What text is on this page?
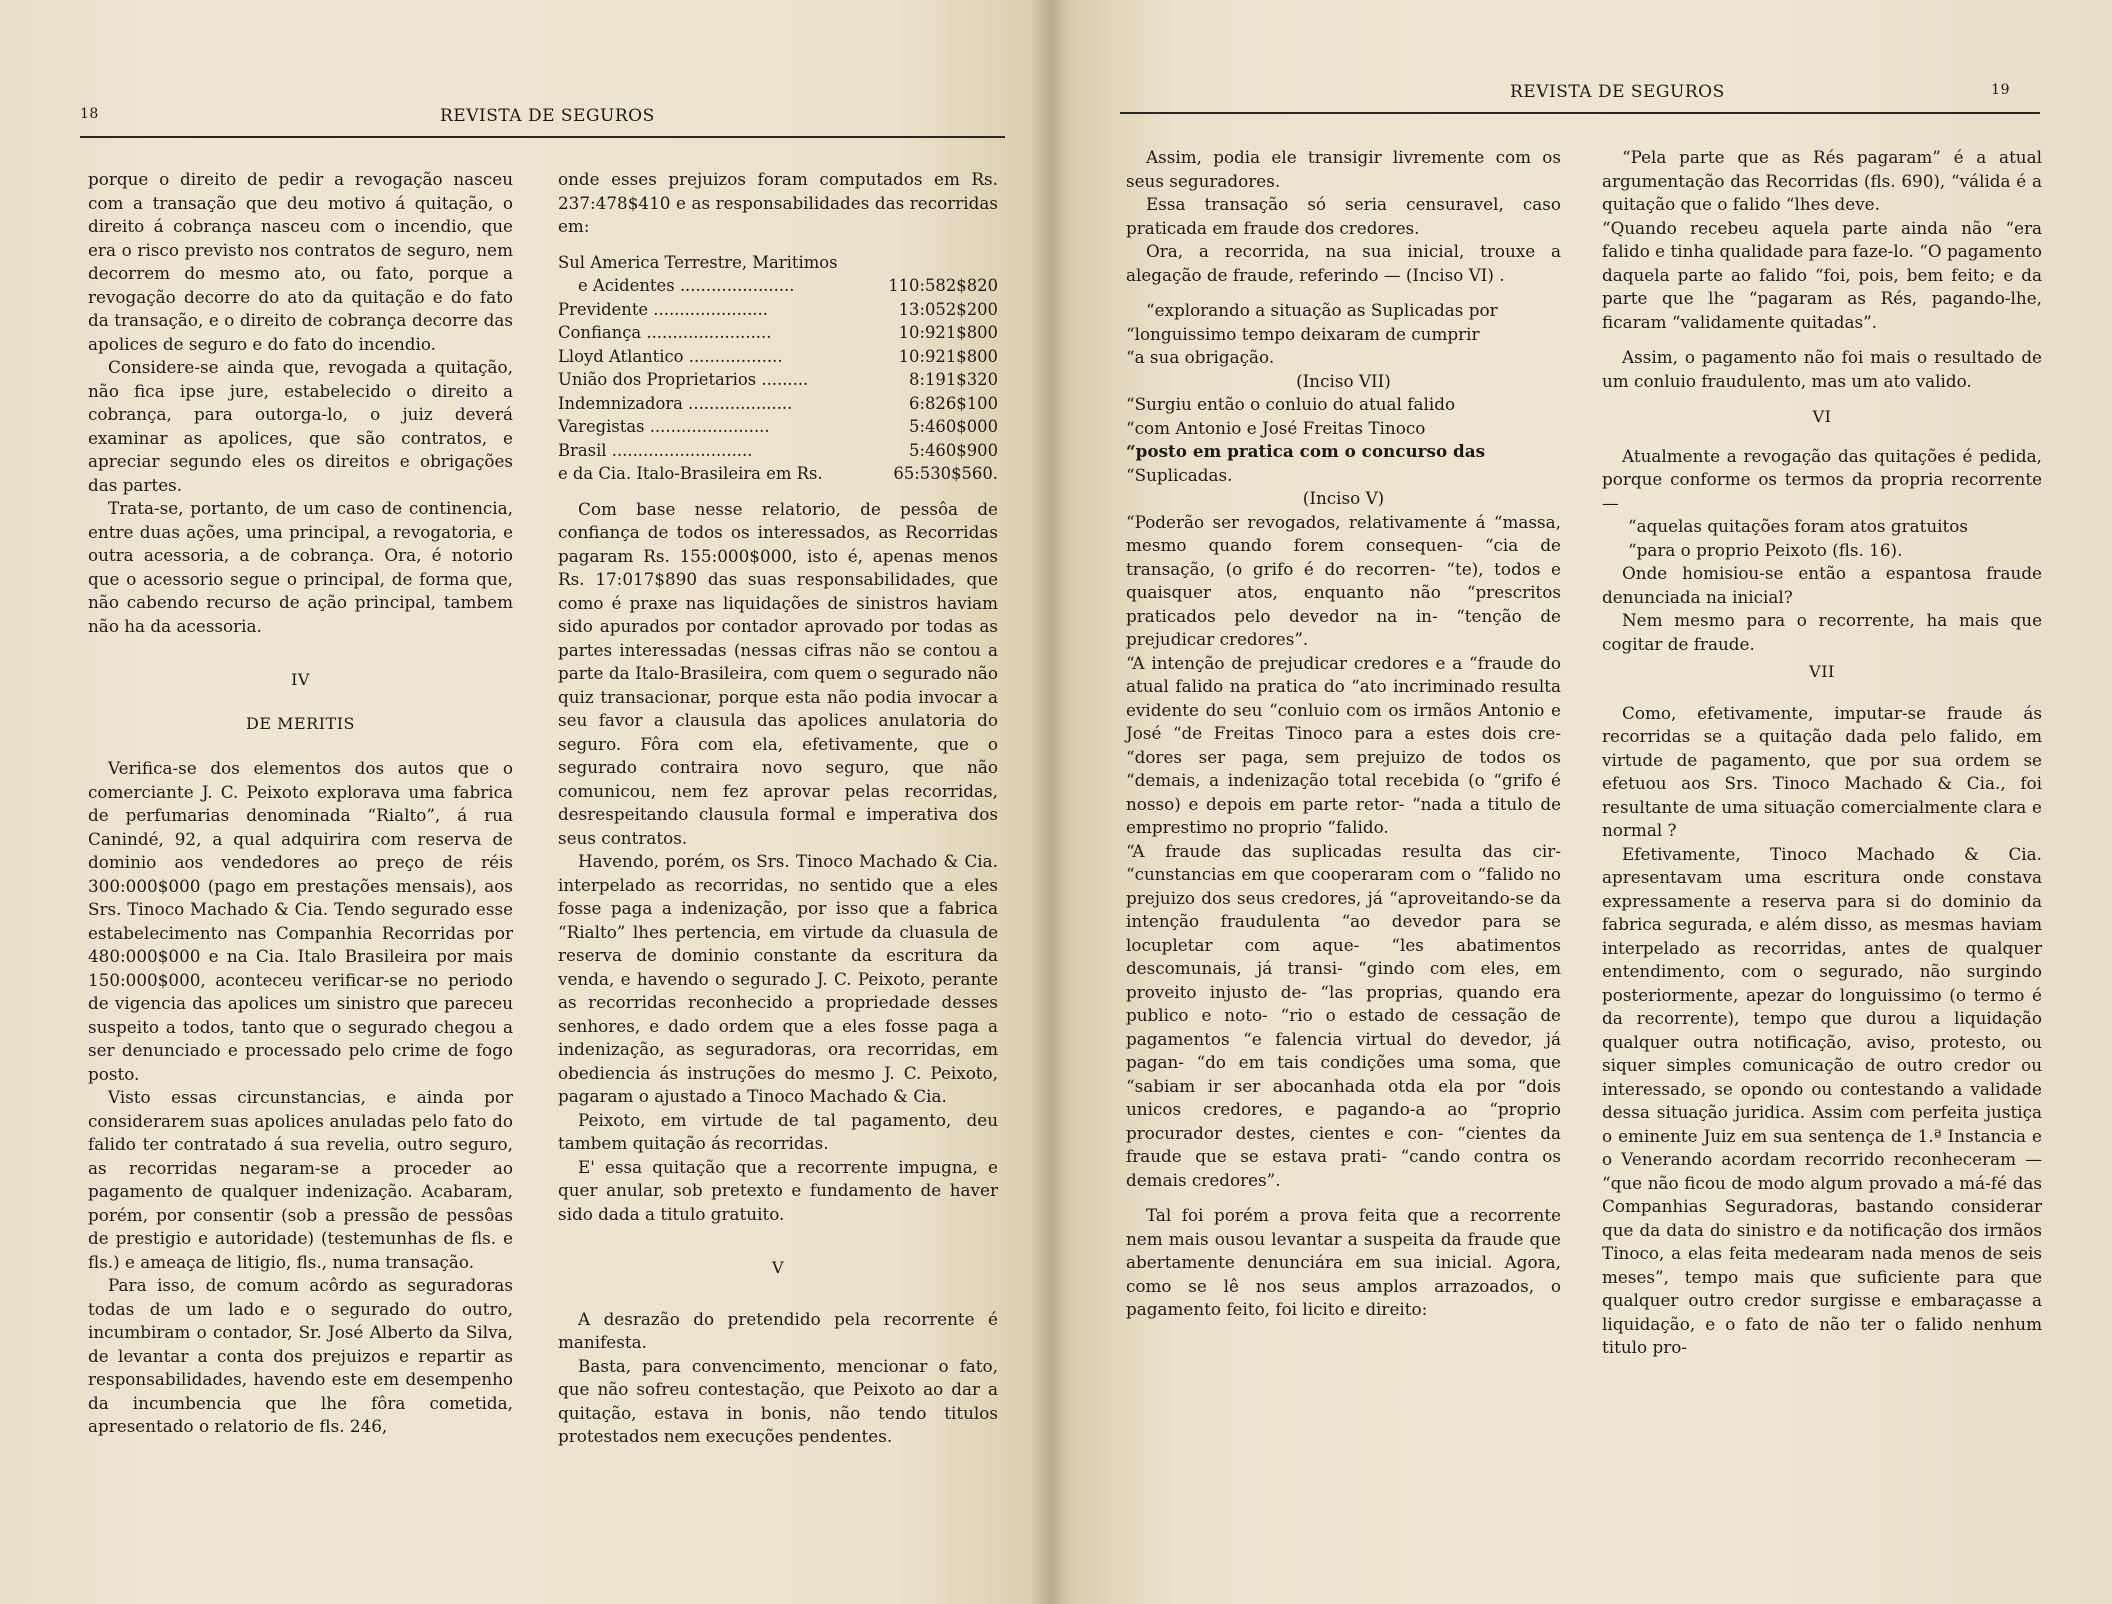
18	REVISTA DE SEGUROS

porque o direito de pedir a revogação nasceu com a transação que deu motivo á quitação, o direito á cobrança nasceu com o incendio, que era o risco previsto nos contratos de seguro, nem decorrem do mesmo ato, ou fato, porque a revogação decorre do ato da quitação e do fato da transação, e o direito de cobrança decorre das apolices de seguro e do fato do incendio.

Considere-se ainda que, revogada a quitação, não fica ipse jure, estabelecido o direito a cobrança, para outorga-lo, o juiz deverá examinar as apolices, que são contratos, e apreciar segundo eles os direitos e obrigações das partes.

Trata-se, portanto, de um caso de continencia, entre duas ações, uma principal, a revogatoria, e outra acessoria, a de cobrança. Ora, é notorio que o acessorio segue o principal, de forma que, não cabendo recurso de ação principal, tambem não ha da acessoria.

IV
DE MERITIS

Verifica-se dos elementos dos autos que o comerciante J. C. Peixoto explorava uma fabrica de perfumarias denominada “Rialto”, á rua Canindé, 92, a qual adquirira com reserva de dominio aos vendedores ao preço de réis 300:000$000 (pago em prestações mensais), aos Srs. Tinoco Machado & Cia. Tendo segurado esse estabelecimento nas Companhia Recorridas por 480:000$000 e na Cia. Italo Brasileira por mais 150:000$000, aconteceu verificar-se no periodo de vigencia das apolices um sinistro que pareceu suspeito a todos, tanto que o segurado chegou a ser denunciado e processado pelo crime de fogo posto.

Visto essas circunstancias, e ainda por considerarem suas apolices anuladas pelo fato do falido ter contratado á sua revelia, outro seguro, as recorridas negaram-se a proceder ao pagamento de qualquer indenização. Acabaram, porém, por consentir (sob a pressão de pessôas de prestigio e autoridade) (testemunhas de fls. e fls.) e ameaça de litigio, fls., numa transação.

Para isso, de comum acôrdo as seguradoras todas de um lado e o segurado do outro, incumbiram o contador, Sr. José Alberto da Silva, de levantar a conta dos prejuizos e repartir as responsabilidades, havendo este em desempenho da incumbencia que lhe fôra cometida, apresentado o relatorio de fls. 246,

onde esses prejuizos foram computados em Rs. 237:478$410 e as responsabilidades das recorridas em:

Sul America Terrestre, Maritimos	
e Acidentes ......................	110:582$820
Previdente ......................	13:052$200
Confiança ........................	10:921$800
Lloyd Atlantico ..................	10:921$800
União dos Proprietarios .........	8:191$320
Indemnizadora ....................	6:826$100
Varegistas .......................	5:460$000
Brasil ...........................	5:460$900
e da Cia. Italo-Brasileira em Rs.	65:530$560.

Com base nesse relatorio, de pessôa de confiança de todos os interessados, as Recorridas pagaram Rs. 155:000$000, isto é, apenas menos Rs. 17:017$890 das suas responsabilidades, que como é praxe nas liquidações de sinistros haviam sido apurados por contador aprovado por todas as partes interessadas (nessas cifras não se contou a parte da Italo-Brasileira, com quem o segurado não quiz transacionar, porque esta não podia invocar a seu favor a clausula das apolices anulatoria do seguro. Fôra com ela, efetivamente, que o segurado contraira novo seguro, que não comunicou, nem fez aprovar pelas recorridas, desrespeitando clausula formal e imperativa dos seus contratos.

Havendo, porém, os Srs. Tinoco Machado & Cia. interpelado as recorridas, no sentido que a eles fosse paga a indenização, por isso que a fabrica “Rialto” lhes pertencia, em virtude da cluasula de reserva de dominio constante da escritura da venda, e havendo o segurado J. C. Peixoto, perante as recorridas reconhecido a propriedade desses senhores, e dado ordem que a eles fosse paga a indenização, as seguradoras, ora recorridas, em obediencia ás instruções do mesmo J. C. Peixoto, pagaram o ajustado a Tinoco Machado & Cia.

Peixoto, em virtude de tal pagamento, deu tambem quitação ás recorridas.

E' essa quitação que a recorrente impugna, e quer anular, sob pretexto e fundamento de haver sido dada a titulo gratuito.

V

A desrazão do pretendido pela recorrente é manifesta.

Basta, para convencimento, mencionar o fato, que não sofreu contestação, que Peixoto ao dar a quitação, estava in bonis, não tendo titulos protestados nem execuções pendentes.

REVISTA DE SEGUROS	19

Assim, podia ele transigir livremente com os seus seguradores.

Essa transação só seria censuravel, caso praticada em fraude dos credores.

Ora, a recorrida, na sua inicial, trouxe a alegação de fraude, referindo — (Inciso VI) .

“explorando a situação as Suplicadas por
“longuissimo tempo deixaram de cumprir
“a sua obrigação.
(Inciso VII)
“Surgiu então o conluio do atual falido
“com Antonio e José Freitas Tinoco
“posto em pratica com o concurso das
“Suplicadas.
(Inciso V)

“Poderão ser revogados, relativamente á “massa, mesmo quando forem consequen- “cia de transação, (o grifo é do recorren- “te), todos e quaisquer atos, enquanto não “prescritos praticados pelo devedor na in- “tenção de prejudicar credores”.

“A intenção de prejudicar credores e a “fraude do atual falido na pratica do “ato incriminado resulta evidente do seu “conluio com os irmãos Antonio e José “de Freitas Tinoco para a estes dois cre- “dores ser paga, sem prejuizo de todos os “demais, a indenização total recebida (o “grifo é nosso) e depois em parte retor- “nada a titulo de emprestimo no proprio “falido.

“A fraude das suplicadas resulta das cir- “cunstancias em que cooperaram com o “falido no prejuizo dos seus credores, já “aproveitando-se da intenção fraudulenta “ao devedor para se locupletar com aque- “les abatimentos descomunais, já transi- “gindo com eles, em proveito injusto de- “las proprias, quando era publico e noto- “rio o estado de cessação de pagamentos “e falencia virtual do devedor, já pagan- “do em tais condições uma soma, que “sabiam ir ser abocanhada otda ela por “dois unicos credores, e pagando-a ao “proprio procurador destes, cientes e con- “cientes da fraude que se estava prati- “cando contra os demais credores”.

Tal foi porém a prova feita que a recorrente nem mais ousou levantar a suspeita da fraude que abertamente denunciára em sua inicial. Agora, como se lê nos seus amplos arrazoados, o pagamento feito, foi licito e direito:

“Pela parte que as Rés pagaram” é a atual argumentação das Recorridas (fls. 690), “válida é a quitação que o falido “lhes deve.

“Quando recebeu aquela parte ainda não “era falido e tinha qualidade para faze-lo. “O pagamento daquela parte ao falido “foi, pois, bem feito; e da parte que lhe “pagaram as Rés, pagando-lhe, ficaram “validamente quitadas”.

Assim, o pagamento não foi mais o resultado de um conluio fraudulento, mas um ato valido.

VI

Atualmente a revogação das quitações é pedida, porque conforme os termos da propria recorrente —

“aquelas quitações foram atos gratuitos
“para o proprio Peixoto (fls. 16).

Onde homisiou-se então a espantosa fraude denunciada na inicial?

Nem mesmo para o recorrente, ha mais que cogitar de fraude.

VII

Como, efetivamente, imputar-se fraude ás recorridas se a quitação dada pelo falido, em virtude de pagamento, que por sua ordem se efetuou aos Srs. Tinoco Machado & Cia., foi resultante de uma situação comercialmente clara e normal ?

Efetivamente, Tinoco Machado & Cia. apresentavam uma escritura onde constava expressamente a reserva para si do dominio da fabrica segurada, e além disso, as mesmas haviam interpelado as recorridas, antes de qualquer entendimento, com o segurado, não surgindo posteriormente, apezar do longuissimo (o termo é da recorrente), tempo que durou a liquidação qualquer outra notificação, aviso, protesto, ou siquer simples comunicação de outro credor ou interessado, se opondo ou contestando a validade dessa situação juridica. Assim com perfeita justiça o eminente Juiz em sua sentença de 1.ª Instancia e o Venerando acordam recorrido reconheceram — “que não ficou de modo algum provado a má-fé das Companhias Seguradoras, bastando considerar que da data do sinistro e da notificação dos irmãos Tinoco, a elas feita medearam nada menos de seis meses”, tempo mais que suficiente para que qualquer outro credor surgisse e embaraçasse a liquidação, e o fato de não ter o falido nenhum titulo pro-
